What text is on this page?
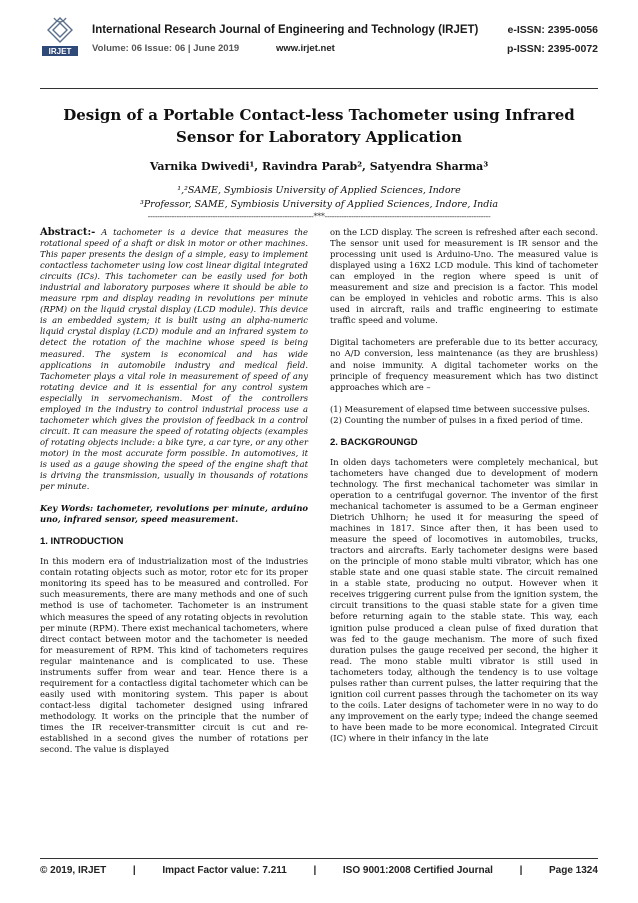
IRJET
International Research Journal of Engineering and Technology (IRJET)
Volume: 06 Issue: 06 | June 2019	www.irjet.net
e-ISSN: 2395-0056
p-ISSN: 2395-0072
Design of a Portable Contact-less Tachometer using Infrared Sensor for Laboratory Application
Varnika Dwivedi¹, Ravindra Parab², Satyendra Sharma³
¹,²SAME, Symbiosis University of Applied Sciences, Indore
³Professor, SAME, Symbiosis University of Applied Sciences, Indore, India
---------------------------------------------------------------------***---------------------------------------------------------------------

Abstract:- A tachometer is a device that measures the rotational speed of a shaft or disk in motor or other machines. This paper presents the design of a simple, easy to implement contactless tachometer using low cost linear digital integrated circuits (ICs). This tachometer can be easily used for both industrial and laboratory purposes where it should be able to measure rpm and display reading in revolutions per minute (RPM) on the liquid crystal display (LCD module). This device is an embedded system; it is built using an alpha-numeric liquid crystal display (LCD) module and an infrared system to detect the rotation of the machine whose speed is being measured. The system is economical and has wide applications in automobile industry and medical field. Tachometer plays a vital role in measurement of speed of any rotating device and it is essential for any control system especially in servomechanism. Most of the controllers employed in the industry to control industrial process use a tachometer which gives the provision of feedback in a control circuit. It can measure the speed of rotating objects (examples of rotating objects include: a bike tyre, a car tyre, or any other motor) in the most accurate form possible. In automotives, it is used as a gauge showing the speed of the engine shaft that is driving the transmission, usually in thousands of rotations per minute.

Key Words: tachometer, revolutions per minute, arduino uno, infrared sensor, speed measurement.

1. INTRODUCTION

In this modern era of industrialization most of the industries contain rotating objects such as motor, rotor etc for its proper monitoring its speed has to be measured and controlled. For such measurements, there are many methods and one of such method is use of tachometer. Tachometer is an instrument which measures the speed of any rotating objects in revolution per minute (RPM). There exist mechanical tachometers, where direct contact between motor and the tachometer is needed for measurement of RPM. This kind of tachometers requires regular maintenance and is complicated to use. These instruments suffer from wear and tear. Hence there is a requirement for a contactless digital tachometer which can be easily used with monitoring system. This paper is about contact-less digital tachometer designed using infrared methodology. It works on the principle that the number of times the IR receiver-transmitter circuit is cut and re-established in a second gives the number of rotations per second. The value is displayed

on the LCD display. The screen is refreshed after each second. The sensor unit used for measurement is IR sensor and the processing unit used is Arduino-Uno. The measured value is displayed using a 16X2 LCD module. This kind of tachometer can employed in the region where speed is unit of measurement and size and precision is a factor. This model can be employed in vehicles and robotic arms. This is also used in aircraft, rails and traffic engineering to estimate traffic speed and volume.

Digital tachometers are preferable due to its better accuracy, no A/D conversion, less maintenance (as they are brushless) and noise immunity. A digital tachometer works on the principle of frequency measurement which has two distinct approaches which are –

(1) Measurement of elapsed time between successive pulses.

(2) Counting the number of pulses in a fixed period of time.

2. BACKGROUNGD

In olden days tachometers were completely mechanical, but tachometers have changed due to development of modern technology. The first mechanical tachometer was similar in operation to a centrifugal governor. The inventor of the first mechanical tachometer is assumed to be a German engineer Dietrich Uhlhorn; he used it for measuring the speed of machines in 1817. Since after then, it has been used to measure the speed of locomotives in automobiles, trucks, tractors and aircrafts. Early tachometer designs were based on the principle of mono stable multi vibrator, which has one stable state and one quasi stable state. The circuit remained in a stable state, producing no output. However when it receives triggering current pulse from the ignition system, the circuit transitions to the quasi stable state for a given time before returning again to the stable state. This way, each ignition pulse produced a clean pulse of fixed duration that was fed to the gauge mechanism. The more of such fixed duration pulses the gauge received per second, the higher it read. The mono stable multi vibrator is still used in tachometers today, although the tendency is to use voltage pulses rather than current pulses, the latter requiring that the ignition coil current passes through the tachometer on its way to the coils. Later designs of tachometer were in no way to do any improvement on the early type; indeed the change seemed to have been made to be more economical. Integrated Circuit (IC) where in their infancy in the late

© 2019, IRJET	|	Impact Factor value: 7.211	|	ISO 9001:2008 Certified Journal	|	Page 1324
